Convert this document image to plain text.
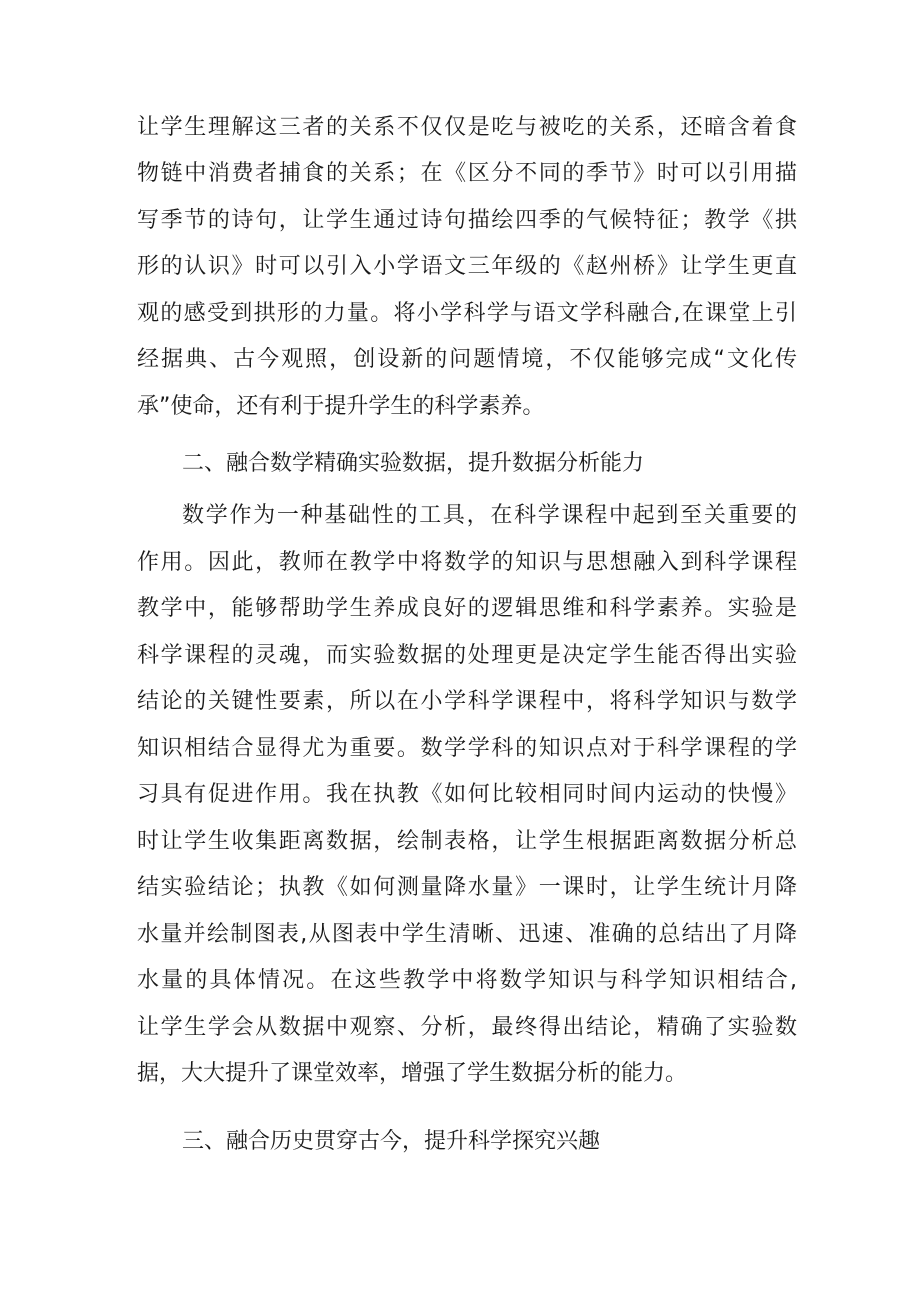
让学生理解这三者的关系不仅仅是吃与被吃的关系，还暗含着食
物链中消费者捕食的关系；在《区分不同的季节》时可以引用描
写季节的诗句，让学生通过诗句描绘四季的气候特征；教学《拱
形的认识》时可以引入小学语文三年级的《赵州桥》让学生更直
观的感受到拱形的力量。将小学科学与语文学科融合,在课堂上引
经据典、古今观照，创设新的问题情境，不仅能够完成“文化传
承”使命，还有利于提升学生的科学素养。
二、融合数学精确实验数据，提升数据分析能力
数学作为一种基础性的工具，在科学课程中起到至关重要的
作用。因此，教师在教学中将数学的知识与思想融入到科学课程
教学中，能够帮助学生养成良好的逻辑思维和科学素养。实验是
科学课程的灵魂，而实验数据的处理更是决定学生能否得出实验
结论的关键性要素，所以在小学科学课程中，将科学知识与数学
知识相结合显得尤为重要。数学学科的知识点对于科学课程的学
习具有促进作用。我在执教《如何比较相同时间内运动的快慢》
时让学生收集距离数据，绘制表格，让学生根据距离数据分析总
结实验结论；执教《如何测量降水量》一课时，让学生统计月降
水量并绘制图表,从图表中学生清晰、迅速、准确的总结出了月降
水量的具体情况。在这些教学中将数学知识与科学知识相结合,
让学生学会从数据中观察、分析，最终得出结论，精确了实验数
据，大大提升了课堂效率，增强了学生数据分析的能力。
三、融合历史贯穿古今，提升科学探究兴趣
